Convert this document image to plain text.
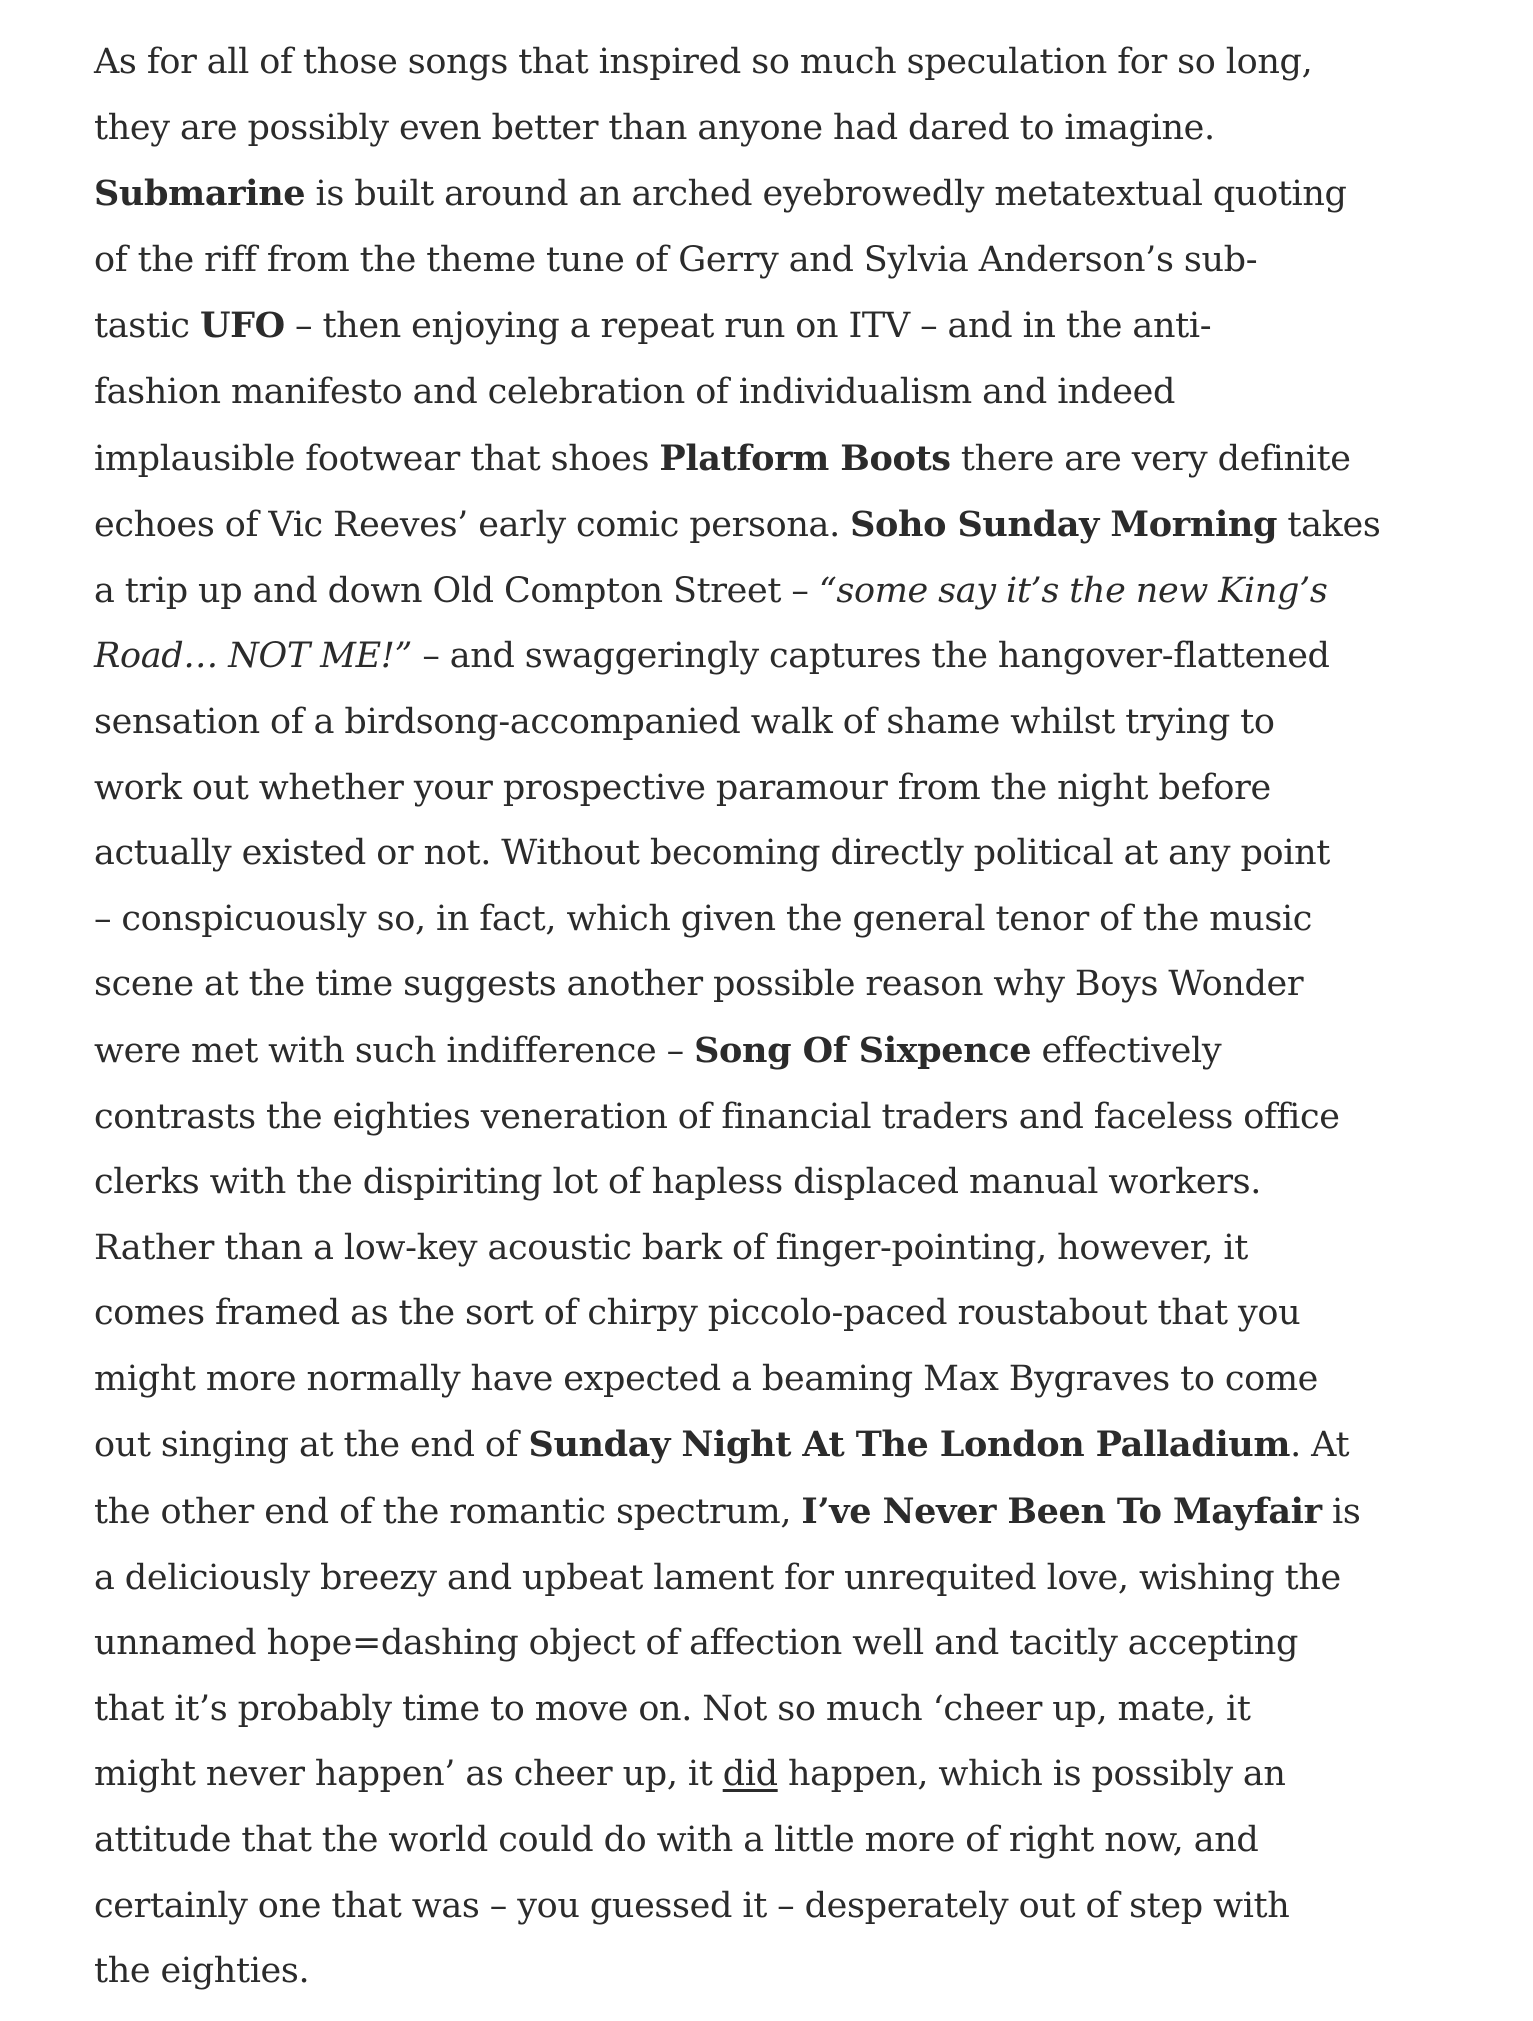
As for all of those songs that inspired so much speculation for so long,
they are possibly even better than anyone had dared to imagine.
Submarine is built around an arched eyebrowedly metatextual quoting
of the riff from the theme tune of Gerry and Sylvia Anderson’s sub-
tastic UFO – then enjoying a repeat run on ITV – and in the anti-
fashion manifesto and celebration of individualism and indeed
implausible footwear that shoes Platform Boots there are very definite
echoes of Vic Reeves’ early comic persona. Soho Sunday Morning takes
a trip up and down Old Compton Street – “some say it’s the new King’s
Road… NOT ME!” – and swaggeringly captures the hangover-flattened
sensation of a birdsong-accompanied walk of shame whilst trying to
work out whether your prospective paramour from the night before
actually existed or not. Without becoming directly political at any point
– conspicuously so, in fact, which given the general tenor of the music
scene at the time suggests another possible reason why Boys Wonder
were met with such indifference – Song Of Sixpence effectively
contrasts the eighties veneration of financial traders and faceless office
clerks with the dispiriting lot of hapless displaced manual workers.
Rather than a low-key acoustic bark of finger-pointing, however, it
comes framed as the sort of chirpy piccolo-paced roustabout that you
might more normally have expected a beaming Max Bygraves to come
out singing at the end of Sunday Night At The London Palladium. At
the other end of the romantic spectrum, I’ve Never Been To Mayfair is
a deliciously breezy and upbeat lament for unrequited love, wishing the
unnamed hope=dashing object of affection well and tacitly accepting
that it’s probably time to move on. Not so much ‘cheer up, mate, it
might never happen’ as cheer up, it did happen, which is possibly an
attitude that the world could do with a little more of right now, and
certainly one that was – you guessed it – desperately out of step with
the eighties.
